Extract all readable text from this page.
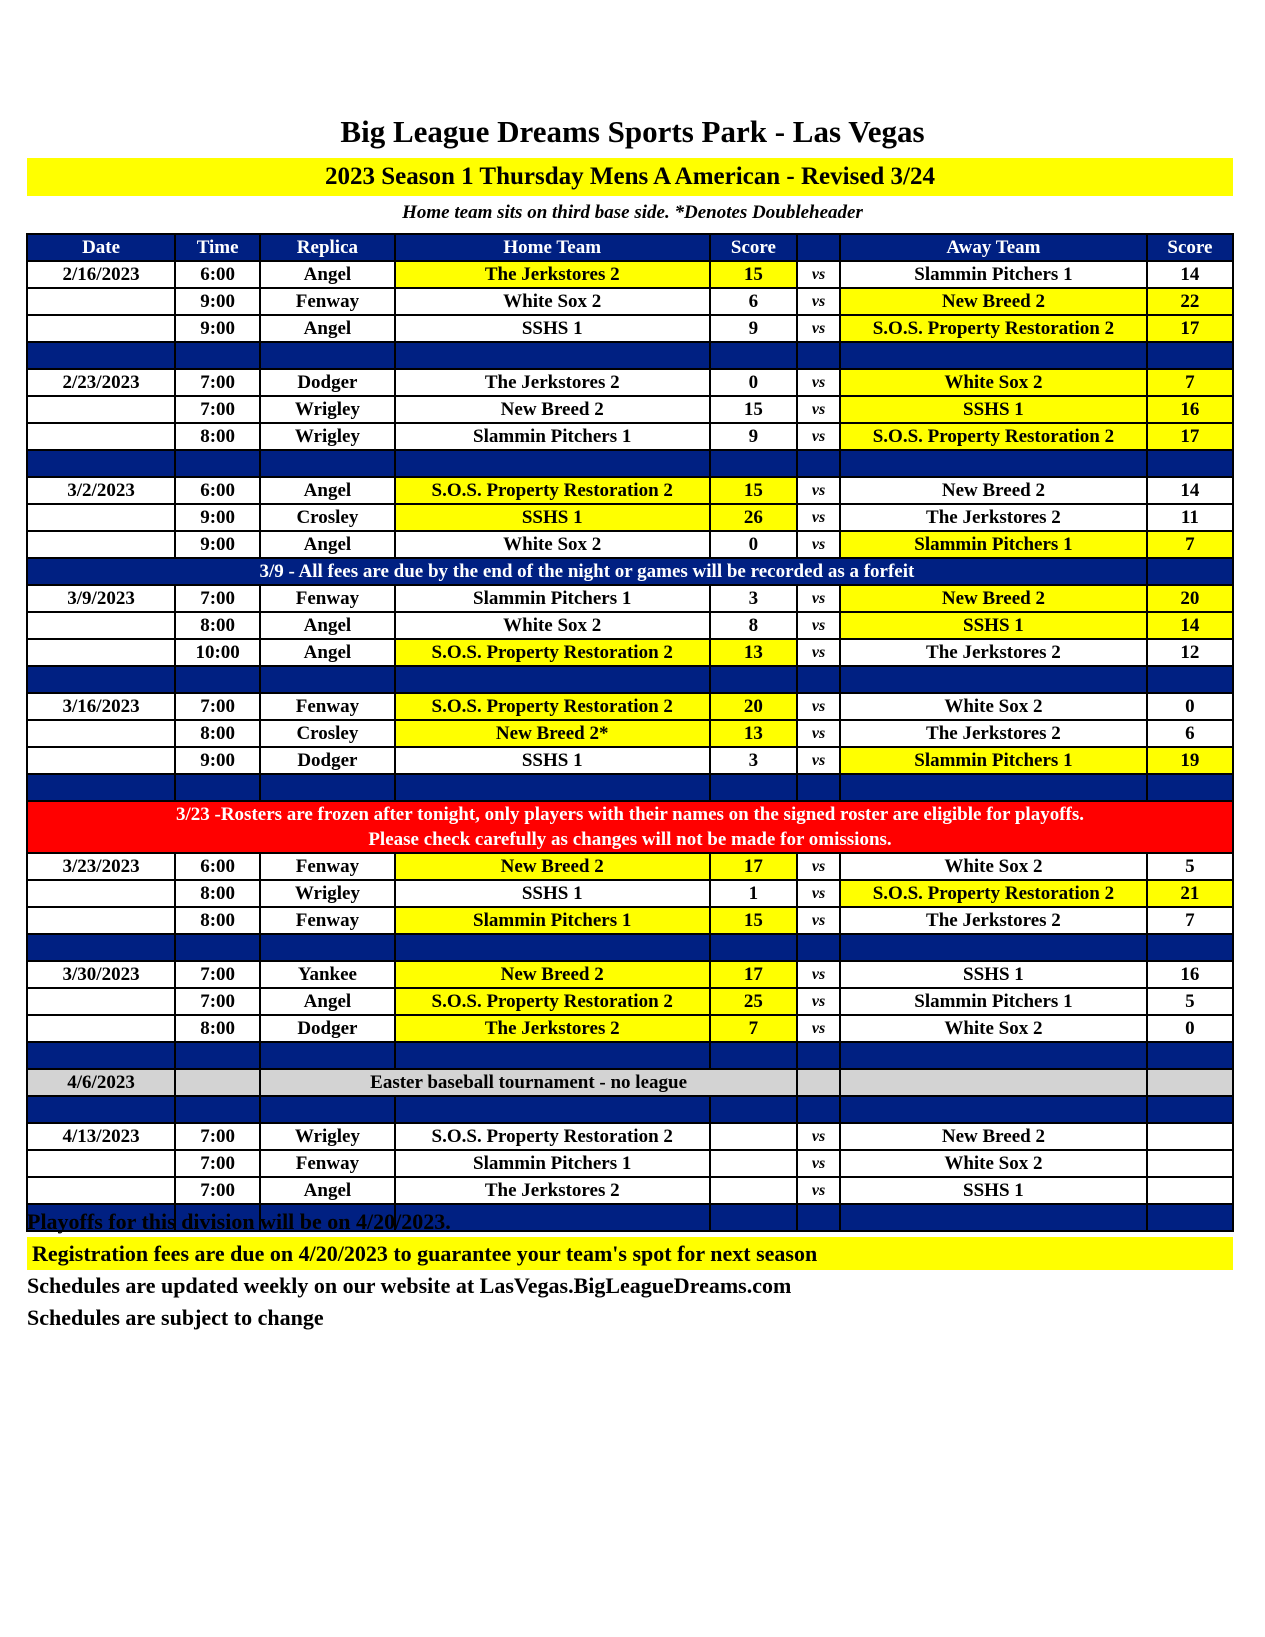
Big League Dreams Sports Park - Las Vegas
2023 Season 1 Thursday Mens A American - Revised 3/24
Home team sits on third base side. *Denotes Doubleheader
Date	Time	Replica	Home Team	Score		Away Team	Score
2/16/2023	6:00	Angel	The Jerkstores 2	15	vs	Slammin Pitchers 1	14
	9:00	Fenway	White Sox 2	6	vs	New Breed 2	22
	9:00	Angel	SSHS 1	9	vs	S.O.S. Property Restoration 2	17

2/23/2023	7:00	Dodger	The Jerkstores 2	0	vs	White Sox 2	7
	7:00	Wrigley	New Breed 2	15	vs	SSHS 1	16
	8:00	Wrigley	Slammin Pitchers 1	9	vs	S.O.S. Property Restoration 2	17

3/2/2023	6:00	Angel	S.O.S. Property Restoration 2	15	vs	New Breed 2	14
	9:00	Crosley	SSHS 1	26	vs	The Jerkstores 2	11
	9:00	Angel	White Sox 2	0	vs	Slammin Pitchers 1	7
3/9 - All fees are due by the end of the night or games will be recorded as a forfeit							
3/9/2023	7:00	Fenway	Slammin Pitchers 1	3	vs	New Breed 2	20
	8:00	Angel	White Sox 2	8	vs	SSHS 1	14
	10:00	Angel	S.O.S. Property Restoration 2	13	vs	The Jerkstores 2	12

3/16/2023	7:00	Fenway	S.O.S. Property Restoration 2	20	vs	White Sox 2	0
	8:00	Crosley	New Breed 2*	13	vs	The Jerkstores 2	6
	9:00	Dodger	SSHS 1	3	vs	Slammin Pitchers 1	19

3/23 -Rosters are frozen after tonight, only players with their names on the signed roster are eligible for playoffs.
Please check carefully as changes will not be made for omissions.							

3/23/2023	6:00	Fenway	New Breed 2	17	vs	White Sox 2	5
	8:00	Wrigley	SSHS 1	1	vs	S.O.S. Property Restoration 2	21
	8:00	Fenway	Slammin Pitchers 1	15	vs	The Jerkstores 2	7

3/30/2023	7:00	Yankee	New Breed 2	17	vs	SSHS 1	16
	7:00	Angel	S.O.S. Property Restoration 2	25	vs	Slammin Pitchers 1	5
	8:00	Dodger	The Jerkstores 2	7	vs	White Sox 2	0

4/6/2023		Easter baseball tournament - no league					

4/13/2023	7:00	Wrigley	S.O.S. Property Restoration 2		vs	New Breed 2	
	7:00	Fenway	Slammin Pitchers 1		vs	White Sox 2	
	7:00	Angel	The Jerkstores 2		vs	SSHS 1	

Playoffs for this division will be on 4/20/2023.
Registration fees are due on 4/20/2023 to guarantee your team's spot for next season
Schedules are updated weekly on our website at LasVegas.BigLeagueDreams.com
Schedules are subject to change
